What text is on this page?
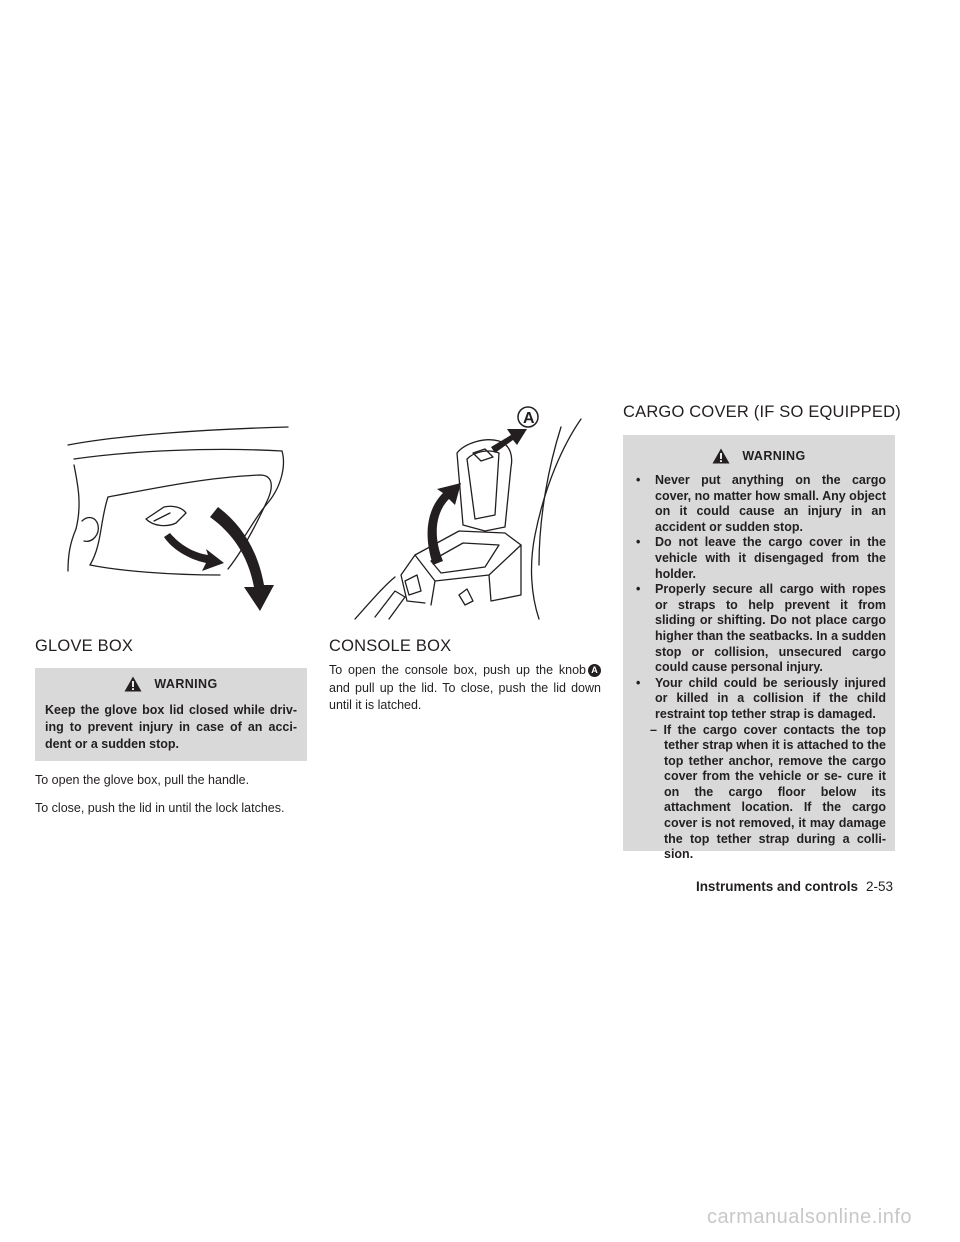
A
GLOVE BOX
WARNING
Keep the glove box lid closed while driv- ing to prevent injury in case of an acci- dent or a sudden stop.

To open the glove box, pull the handle.

To close, push the lid in until the lock latches.

CONSOLE BOX
To open the console box, push up the knob A and pull up the lid. To close, push the lid down until it is latched.
CARGO COVER (IF SO EQUIPPED)
WARNING
• Never put anything on the cargo cover, no matter how small. Any object on it could cause an injury in an accident or sudden stop.
• Do not leave the cargo cover in the vehicle with it disengaged from the holder.
• Properly secure all cargo with ropes or straps to help prevent it from sliding or shifting. Do not place cargo higher than the seatbacks. In a sudden stop or collision, unsecured cargo could cause personal injury.
• Your child could be seriously injured or killed in a collision if the child restraint top tether strap is damaged.
– If the cargo cover contacts the top tether strap when it is attached to the top tether anchor, remove the cargo cover from the vehicle or se- cure it on the cargo floor below its attachment location. If the cargo cover is not removed, it may damage the top tether strap during a colli- sion.
Instruments and controls 2-53
carmanualsonline.info
